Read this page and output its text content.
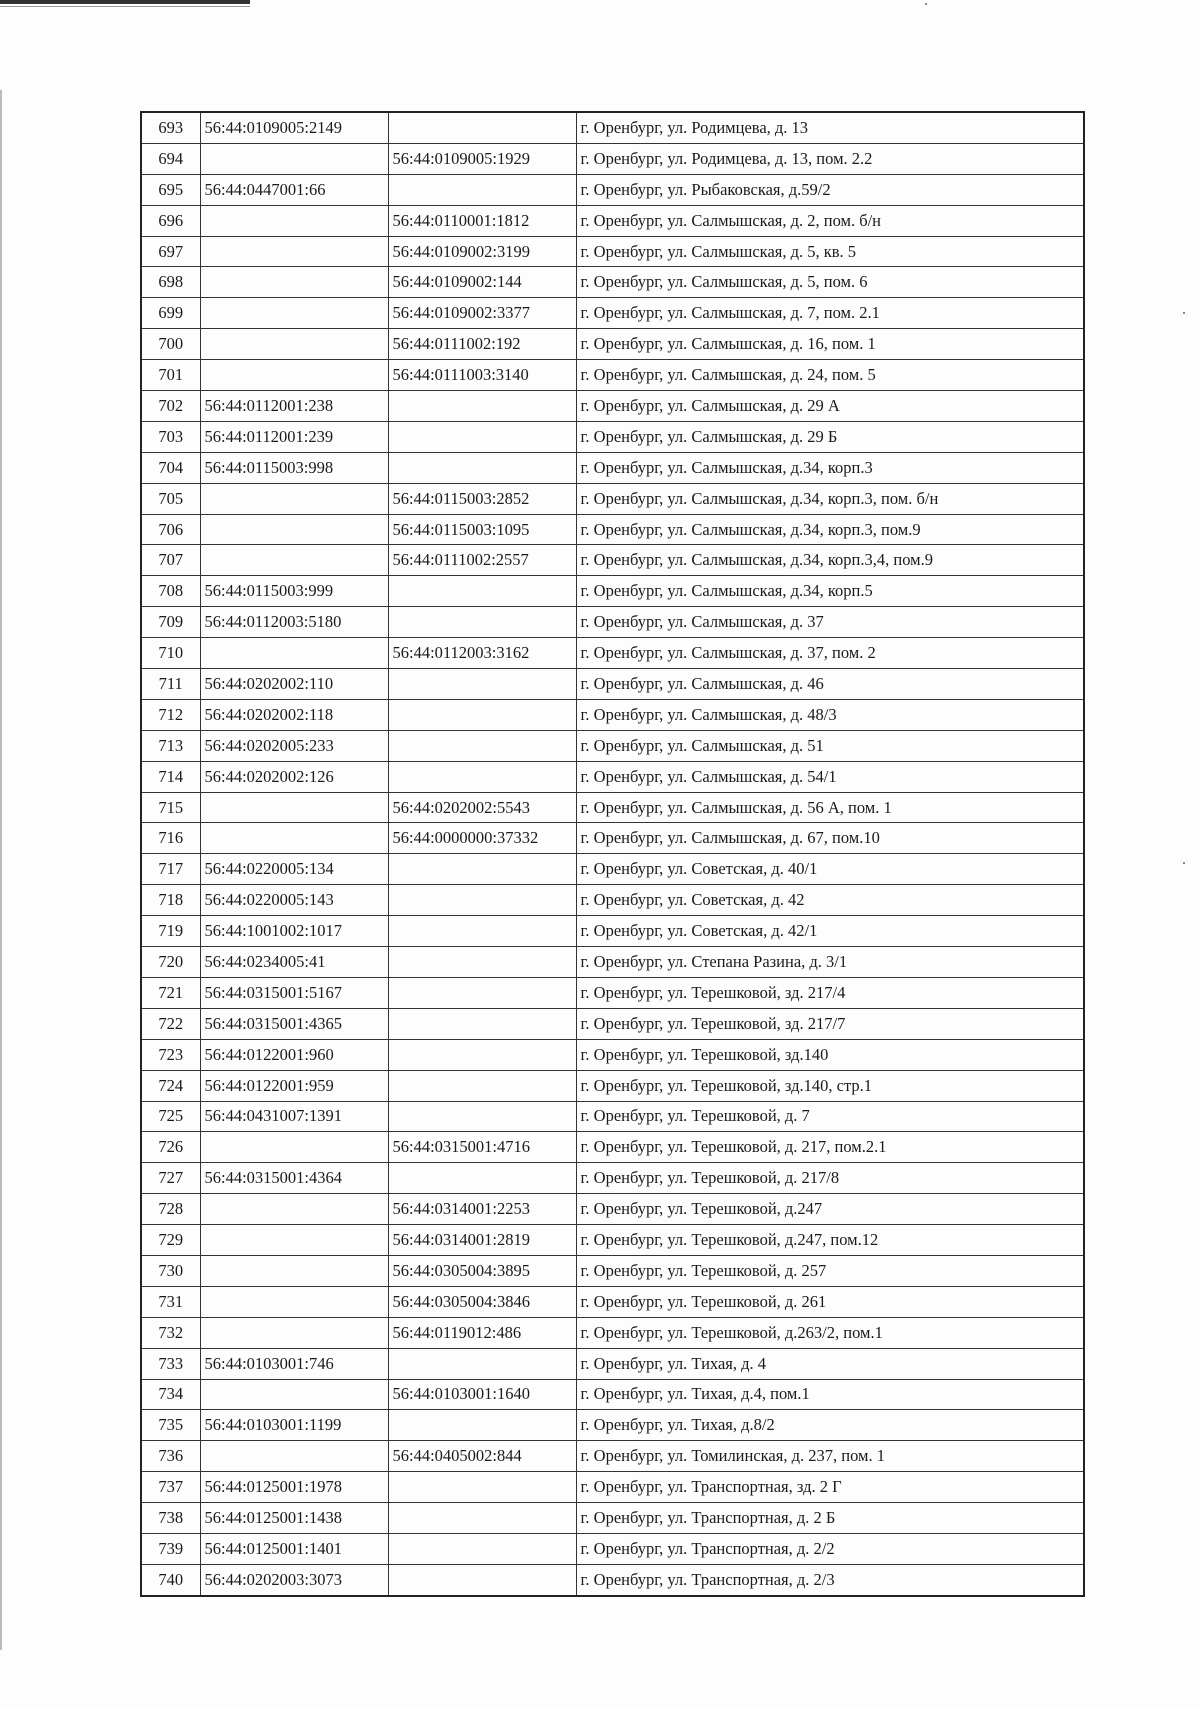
693	56:44:0109005:2149		г. Оренбург, ул. Родимцева, д. 13
694		56:44:0109005:1929	г. Оренбург, ул. Родимцева, д. 13, пом. 2.2
695	56:44:0447001:66		г. Оренбург, ул. Рыбаковская, д.59/2
696		56:44:0110001:1812	г. Оренбург, ул. Салмышская, д. 2, пом. б/н
697		56:44:0109002:3199	г. Оренбург, ул. Салмышская, д. 5, кв. 5
698		56:44:0109002:144	г. Оренбург, ул. Салмышская, д. 5, пом. 6
699		56:44:0109002:3377	г. Оренбург, ул. Салмышская, д. 7, пом. 2.1
700		56:44:0111002:192	г. Оренбург, ул. Салмышская, д. 16, пом. 1
701		56:44:0111003:3140	г. Оренбург, ул. Салмышская, д. 24, пом. 5
702	56:44:0112001:238		г. Оренбург, ул. Салмышская, д. 29 А
703	56:44:0112001:239		г. Оренбург, ул. Салмышская, д. 29 Б
704	56:44:0115003:998		г. Оренбург, ул. Салмышская, д.34, корп.3
705		56:44:0115003:2852	г. Оренбург, ул. Салмышская, д.34, корп.3, пом. б/н
706		56:44:0115003:1095	г. Оренбург, ул. Салмышская, д.34, корп.3, пом.9
707		56:44:0111002:2557	г. Оренбург, ул. Салмышская, д.34, корп.3,4, пом.9
708	56:44:0115003:999		г. Оренбург, ул. Салмышская, д.34, корп.5
709	56:44:0112003:5180		г. Оренбург, ул. Салмышская, д. 37
710		56:44:0112003:3162	г. Оренбург, ул. Салмышская, д. 37, пом. 2
711	56:44:0202002:110		г. Оренбург, ул. Салмышская, д. 46
712	56:44:0202002:118		г. Оренбург, ул. Салмышская, д. 48/3
713	56:44:0202005:233		г. Оренбург, ул. Салмышская, д. 51
714	56:44:0202002:126		г. Оренбург, ул. Салмышская, д. 54/1
715		56:44:0202002:5543	г. Оренбург, ул. Салмышская, д. 56 А, пом. 1
716		56:44:0000000:37332	г. Оренбург, ул. Салмышская, д. 67, пом.10
717	56:44:0220005:134		г. Оренбург, ул. Советская, д. 40/1
718	56:44:0220005:143		г. Оренбург, ул. Советская, д. 42
719	56:44:1001002:1017		г. Оренбург, ул. Советская, д. 42/1
720	56:44:0234005:41		г. Оренбург, ул. Степана Разина, д. 3/1
721	56:44:0315001:5167		г. Оренбург, ул. Терешковой, зд. 217/4
722	56:44:0315001:4365		г. Оренбург, ул. Терешковой, зд. 217/7
723	56:44:0122001:960		г. Оренбург, ул. Терешковой, зд.140
724	56:44:0122001:959		г. Оренбург, ул. Терешковой, зд.140, стр.1
725	56:44:0431007:1391		г. Оренбург, ул. Терешковой, д. 7
726		56:44:0315001:4716	г. Оренбург, ул. Терешковой, д. 217, пом.2.1
727	56:44:0315001:4364		г. Оренбург, ул. Терешковой, д. 217/8
728		56:44:0314001:2253	г. Оренбург, ул. Терешковой, д.247
729		56:44:0314001:2819	г. Оренбург, ул. Терешковой, д.247, пом.12
730		56:44:0305004:3895	г. Оренбург, ул. Терешковой, д. 257
731		56:44:0305004:3846	г. Оренбург, ул. Терешковой, д. 261
732		56:44:0119012:486	г. Оренбург, ул. Терешковой, д.263/2, пом.1
733	56:44:0103001:746		г. Оренбург, ул. Тихая, д. 4
734		56:44:0103001:1640	г. Оренбург, ул. Тихая, д.4, пом.1
735	56:44:0103001:1199		г. Оренбург, ул. Тихая, д.8/2
736		56:44:0405002:844	г. Оренбург, ул. Томилинская, д. 237, пом. 1
737	56:44:0125001:1978		г. Оренбург, ул. Транспортная, зд. 2 Г
738	56:44:0125001:1438		г. Оренбург, ул. Транспортная, д. 2 Б
739	56:44:0125001:1401		г. Оренбург, ул. Транспортная, д. 2/2
740	56:44:0202003:3073		г. Оренбург, ул. Транспортная, д. 2/3
